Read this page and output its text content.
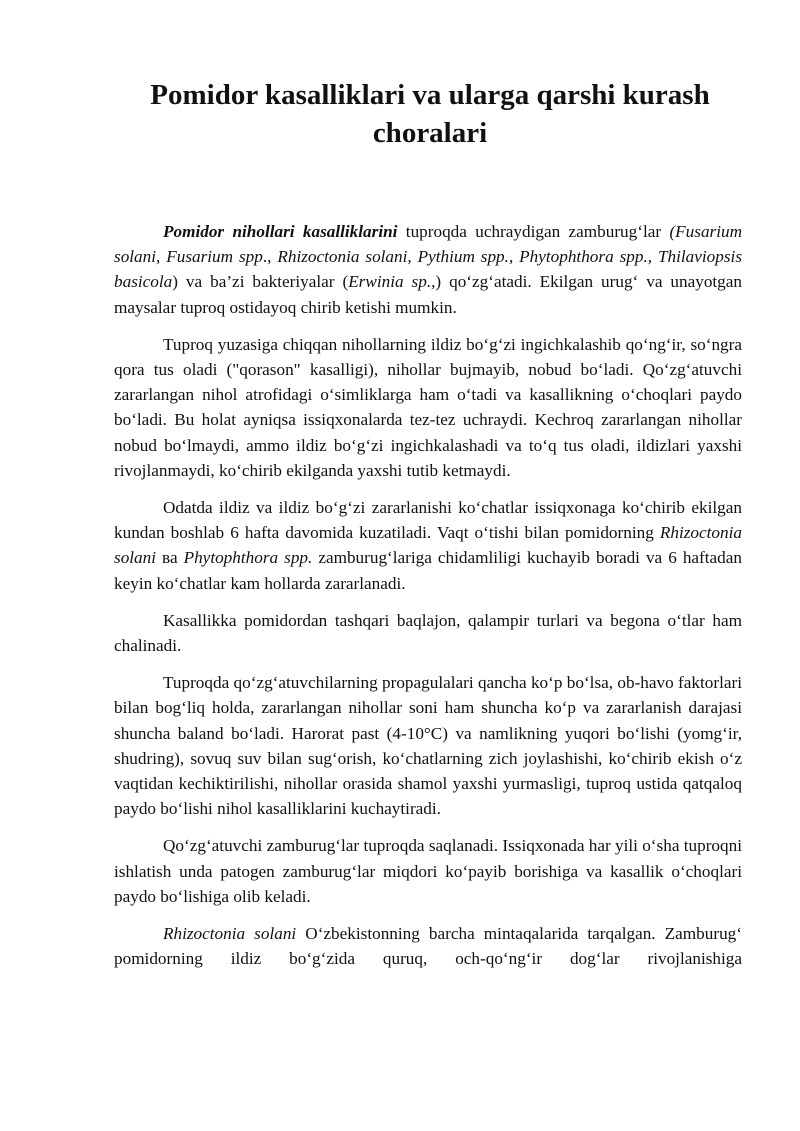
Pomidor kasalliklari va ularga qarshi kurash choralari

Pomidor nihollari kasalliklarini tuproqda uchraydigan zamburug‘lar (Fusarium solani, Fusarium spp., Rhizoctonia solani, Pythium spp., Phytophthora spp., Thilaviopsis basicola) va ba’zi bakteriyalar (Erwinia sp.,) qo‘zg‘atadi. Ekilgan urug‘ va unayotgan maysalar tuproq ostidayoq chirib ketishi mumkin.

Tuproq yuzasiga chiqqan nihollarning ildiz bo‘g‘zi ingichkalashib qo‘ng‘ir, so‘ngra qora tus oladi ("qorason" kasalligi), nihollar bujmayib, nobud bo‘ladi. Qo‘zg‘atuvchi zararlangan nihol atrofidagi o‘simliklarga ham o‘tadi va kasallikning o‘choqlari paydo bo‘ladi. Bu holat ayniqsa issiqxonalarda tez-tez uchraydi. Kechroq zararlangan nihollar nobud bo‘lmaydi, ammo ildiz bo‘g‘zi ingichkalashadi va to‘q tus oladi, ildizlari yaxshi rivojlanmaydi, ko‘chirib ekilganda yaxshi tutib ketmaydi.

Odatda ildiz va ildiz bo‘g‘zi zararlanishi ko‘chatlar issiqxonaga ko‘chirib ekilgan kundan boshlab 6 hafta davomida kuzatiladi. Vaqt o‘tishi bilan pomidorning Rhizoctonia solani ва Phytophthora spp. zamburug‘lariga chidamliligi kuchayib boradi va 6 haftadan keyin ko‘chatlar kam hollarda zararlanadi.

Kasallikka pomidordan tashqari baqlajon, qalampir turlari va begona o‘tlar ham chalinadi.

Tuproqda qo‘zg‘atuvchilarning propagulalari qancha ko‘p bo‘lsa, ob-havo faktorlari bilan bog‘liq holda, zararlangan nihollar soni ham shuncha ko‘p va zararlanish darajasi shuncha baland bo‘ladi. Harorat past (4-10°C) va namlikning yuqori bo‘lishi (yomg‘ir, shudring), sovuq suv bilan sug‘orish, ko‘chatlarning zich joylashishi, ko‘chirib ekish o‘z vaqtidan kechiktirilishi, nihollar orasida shamol yaxshi yurmasligi, tuproq ustida qatqaloq paydo bo‘lishi nihol kasalliklarini kuchaytiradi.

Qo‘zg‘atuvchi zamburug‘lar tuproqda saqlanadi. Issiqxonada har yili o‘sha tuproqni ishlatish unda patogen zamburug‘lar miqdori ko‘payib borishiga va kasallik o‘choqlari paydo bo‘lishiga olib keladi.

Rhizoctonia solani O‘zbekistonning barcha mintaqalarida tarqalgan. Zamburug‘ pomidorning ildiz bo‘g‘zida quruq, och-qo‘ng‘ir dog‘lar rivojlanishiga
